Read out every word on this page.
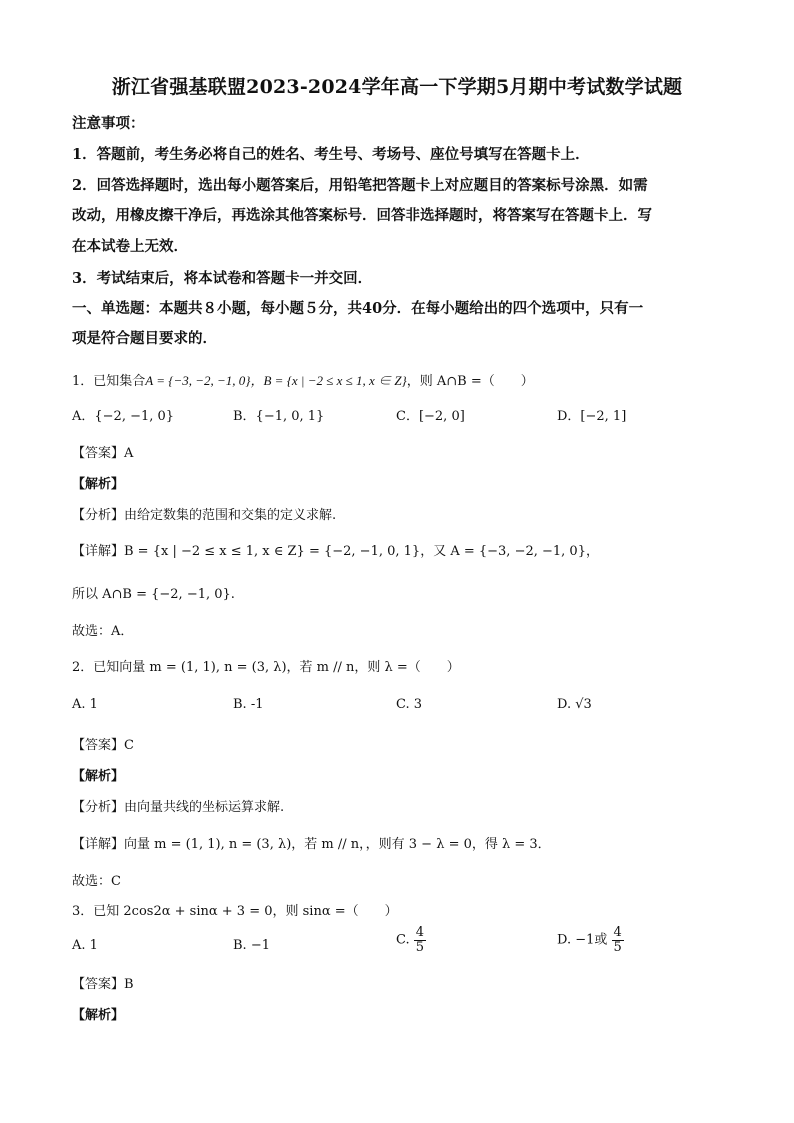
浙江省强基联盟2023-2024学年高一下学期5月期中考试数学试题
注意事项：
1．答题前，考生务必将自己的姓名、考生号、考场号、座位号填写在答题卡上．
2．回答选择题时，选出每小题答案后，用铅笔把答题卡上对应题目的答案标号涂黑．如需
改动，用橡皮擦干净后，再选涂其他答案标号．回答非选择题时，将答案写在答题卡上．写
在本试卷上无效．
3．考试结束后，将本试卷和答题卡一并交回．
一、单选题：本题共８小题，每小题５分，共40分．在每小题给出的四个选项中，只有一
项是符合题目要求的．
1．已知集合A = {−3, −2, −1, 0}，B = {x | −2 ≤ x ≤ 1, x ∈ Z}，则 A∩B =（　　）
A．{−2, −1, 0}	B．{−1, 0, 1}	C．[−2, 0]	D．[−2, 1]
【答案】A
【解析】
【分析】由给定数集的范围和交集的定义求解.
【详解】B = {x | −2 ≤ x ≤ 1, x ∈ Z} = {−2, −1, 0, 1}，又 A = {−3, −2, −1, 0}，
所以 A∩B = {−2, −1, 0}.
故选：A．
2．已知向量 m = (1, 1), n = (3, λ)，若 m // n，则 λ =（　　）
A. 1	B. -1	C. 3	D. √3
【答案】C
【解析】
【分析】由向量共线的坐标运算求解.
【详解】向量 m = (1, 1), n = (3, λ)，若 m // n，，则有 3 − λ = 0，得 λ = 3．
故选：C
3．已知 2cos2α + sinα + 3 = 0，则 sinα =（　　）
A. 1	B. −1	C. $\frac{4}{5}$	D. −1或 $\frac{4}{5}$
【答案】B
【解析】
